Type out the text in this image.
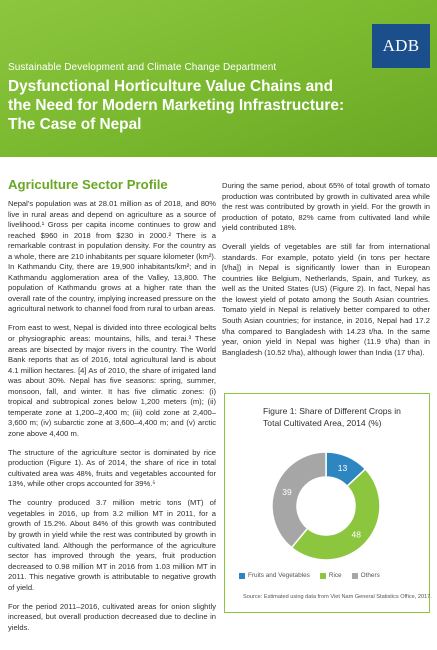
Sustainable Development and Climate Change Department
Dysfunctional Horticulture Value Chains and
the Need for Modern Marketing Infrastructure:
The Case of Nepal
ADB
Agriculture Sector Profile

Nepal’s population was at 28.01 million as of 2018, and 80% live in rural areas and depend on agriculture as a source of livelihood.¹ Gross per capita income continues to grow and reached $960 in 2018 from $230 in 2000.² There is a remarkable contrast in population density. For the country as a whole, there are 210 inhabitants per square kilometer (km²). In Kathmandu City, there are 19,900 inhabitants/km²; and in Kathmandu agglomeration area of the Valley, 13,800. The population of Kathmandu grows at a higher rate than the overall rate of the country, implying increased pressure on the agricultural network to channel food from rural to urban areas.

From east to west, Nepal is divided into three ecological belts or physiographic areas: mountains, hills, and terai.³ These areas are bisected by major rivers in the country. The World Bank reports that as of 2016, total agricultural land is about 4.1 million hectares. [4] As of 2010, the share of irrigated land was about 30%. Nepal has five seasons: spring, summer, monsoon, fall, and winter. It has five climatic zones: (i) tropical and subtropical zones below 1,200 meters (m); (ii) temperate zone at 1,200–2,400 m; (iii) cold zone at 2,400–3,600 m; (iv) subarctic zone at 3,600–4,400 m; and (v) arctic zone above 4,400 m.

The structure of the agriculture sector is dominated by rice production (Figure 1). As of 2014, the share of rice in total cultivated area was 48%, fruits and vegetables accounted for 13%, while other crops accounted for 39%.⁵

The country produced 3.7 million metric tons (MT) of vegetables in 2016, up from 3.2 million MT in 2011, for a growth of 15.2%. About 84% of this growth was contributed by growth in yield while the rest was contributed by growth in cultivated land. Although the performance of the agriculture sector has improved through the years, fruit production decreased to 0.98 million MT in 2016 from 1.03 million MT in 2011. This negative growth is attributable to negative growth of yield.

For the period 2011–2016, cultivated areas for onion slightly increased, but overall production decreased due to decline in yields.

During the same period, about 65% of total growth of tomato production was contributed by growth in cultivated area while the rest was contributed by growth in yield. For the growth in production of potato, 82% came from cultivated land while yield contributed 18%.

Overall yields of vegetables are still far from international standards. For example, potato yield (in tons per hectare [t/ha]) in Nepal is significantly lower than in European countries like Belgium, Netherlands, Spain, and Turkey, as well as the United States (US) (Figure 2). In fact, Nepal has the lowest yield of potato among the South Asian countries. Tomato yield in Nepal is relatively better compared to other South Asian countries; for instance, in 2016, Nepal had 17.2 t/ha compared to Bangladesh with 14.23 t/ha. In the same year, onion yield in Nepal was higher (11.9 t/ha) than in Bangladesh (10.52 t/ha), although lower than India (17 t/ha).

Figure 1: Share of Different Crops in
Total Cultivated Area, 2014 (%)
13
48
39
Fruits and Vegetables	Rice	Others
Source: Estimated using data from Viet Nam General Statistics Office, 2017.
